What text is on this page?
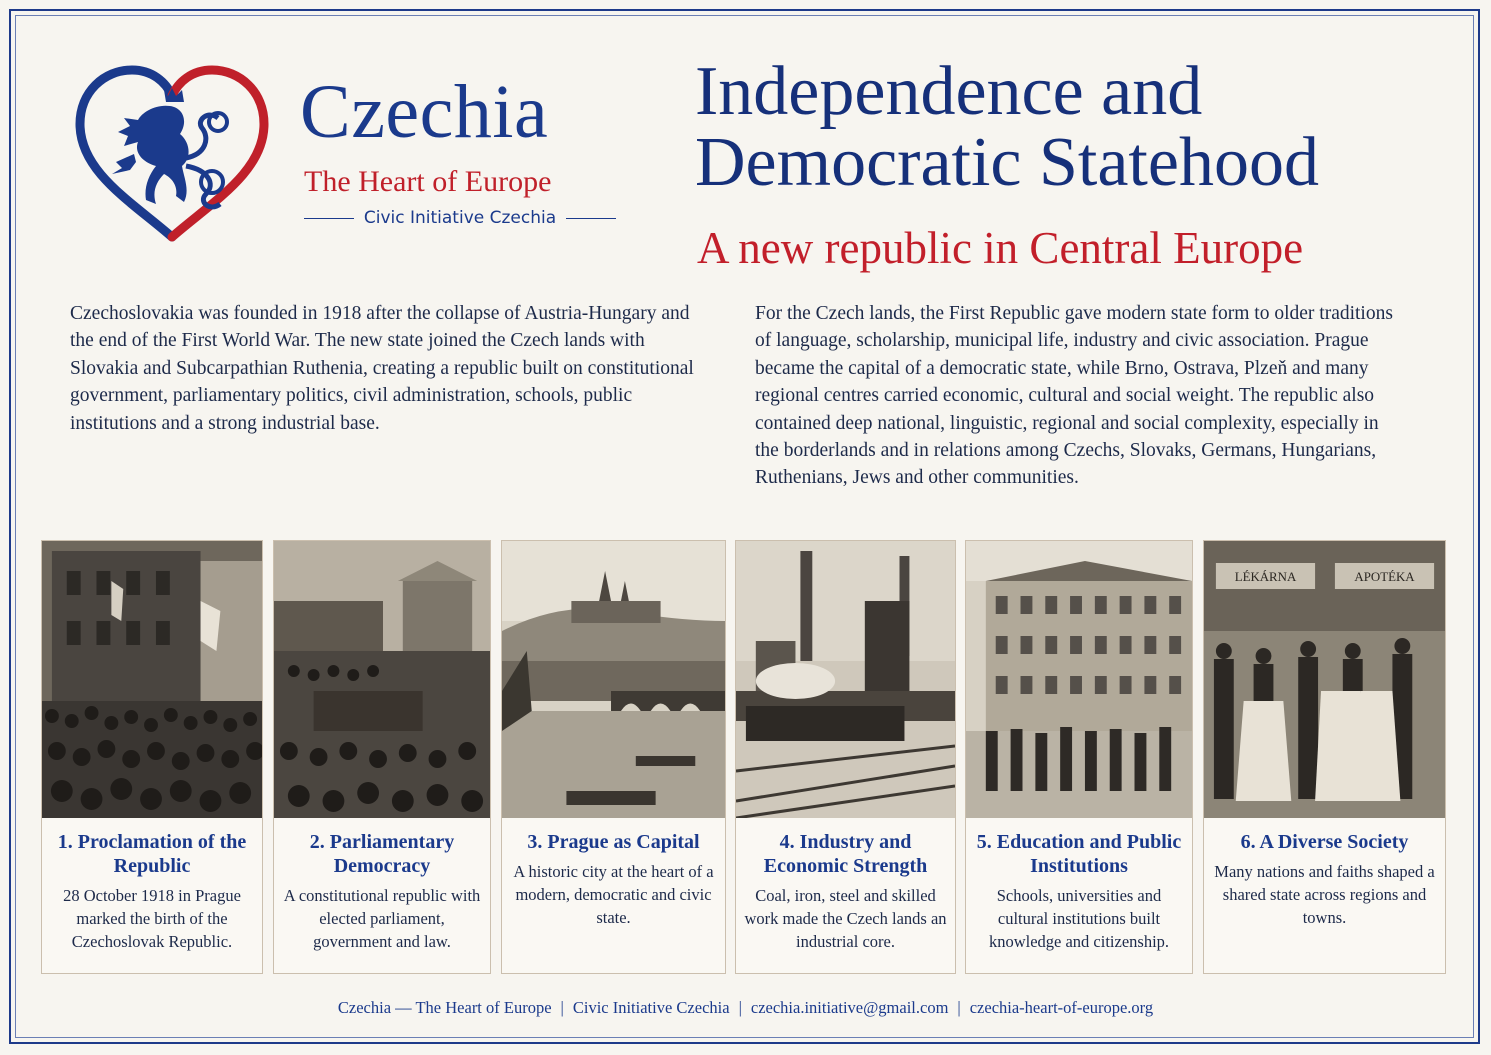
Czechia
The Heart of Europe
Civic Initiative Czechia
Independence and
Democratic Statehood
A new republic in Central Europe

Czechoslovakia was founded in 1918 after the collapse of Austria-Hungary and the end of the First World War. The new state joined the Czech lands with Slovakia and Subcarpathian Ruthenia, creating a republic built on constitutional government, parliamentary politics, civil administration, schools, public institutions and a strong industrial base.

For the Czech lands, the First Republic gave modern state form to older traditions of language, scholarship, municipal life, industry and civic association. Prague became the capital of a democratic state, while Brno, Ostrava, Plzeň and many regional centres carried economic, cultural and social weight. The republic also contained deep national, linguistic, regional and social complexity, especially in the borderlands and in relations among Czechs, Slovaks, Germans, Hungarians, Ruthenians, Jews and other communities.

1. Proclamation of the Republic
28 October 1918 in Prague marked the birth of the Czechoslovak Republic.
2. Parliamentary Democracy
A constitutional republic with elected parliament, government and law.
3. Prague as Capital
A historic city at the heart of a modern, democratic and civic state.
4. Industry and Economic Strength
Coal, iron, steel and skilled work made the Czech lands an industrial core.
5. Education and Public Institutions
Schools, universities and cultural institutions built knowledge and citizenship.
LÉKÁRNA	APOTÉKA
6. A Diverse Society
Many nations and faiths shaped a shared state across regions and towns.
Czechia — The Heart of Europe | Civic Initiative Czechia | czechia.initiative@gmail.com | czechia-heart-of-europe.org
